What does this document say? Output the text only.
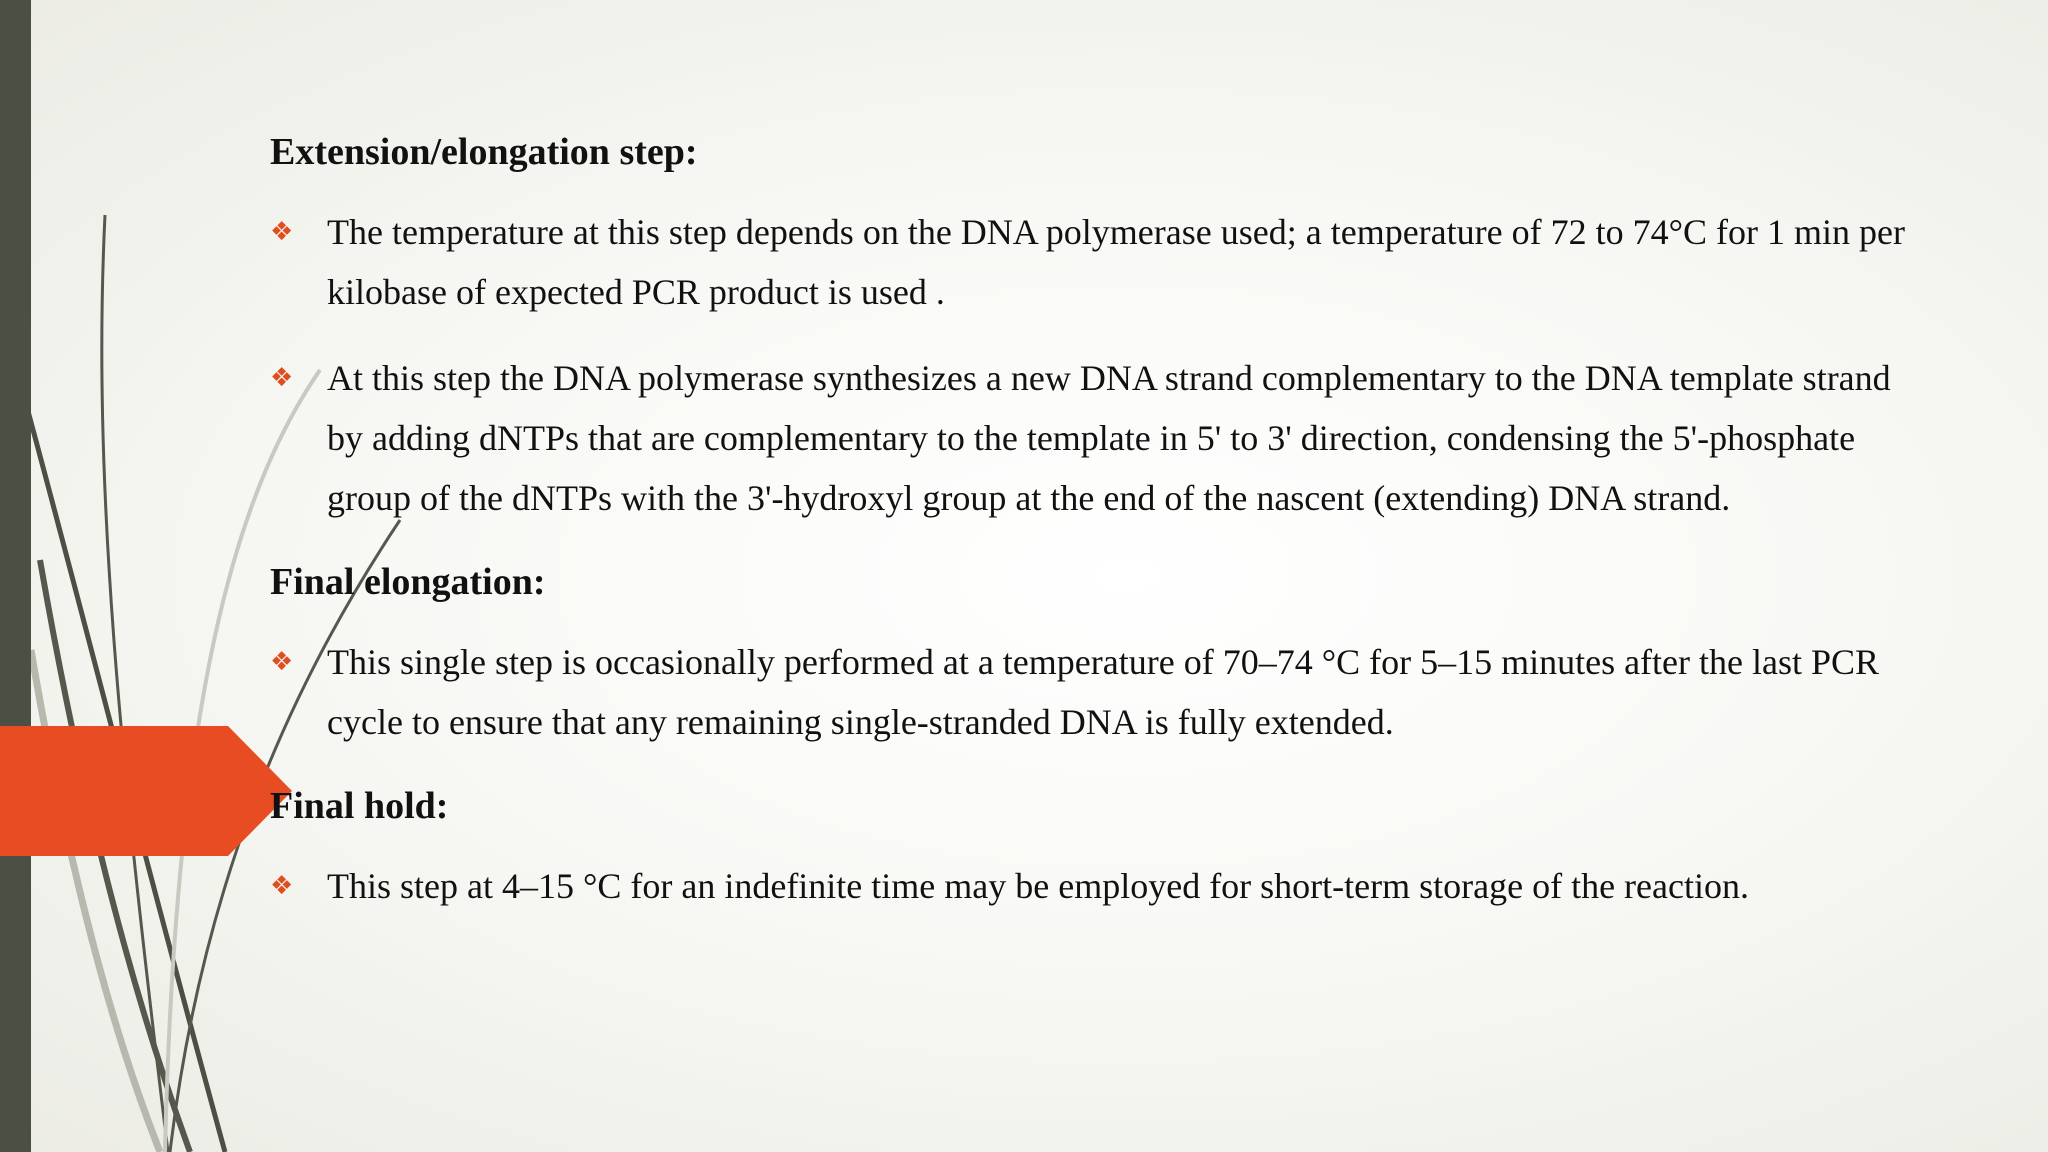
Extension/elongation step:
❖ The temperature at this step depends on the DNA polymerase used; a temperature of 72 to 74°C for 1 min per kilobase of expected PCR product is used .
❖ At this step the DNA polymerase synthesizes a new DNA strand complementary to the DNA template strand by adding dNTPs that are complementary to the template in 5' to 3' direction, condensing the 5'-phosphate group of the dNTPs with the 3'-hydroxyl group at the end of the nascent (extending) DNA strand.
Final elongation:
❖ This single step is occasionally performed at a temperature of 70–74 °C for 5–15 minutes after the last PCR cycle to ensure that any remaining single-stranded DNA is fully extended.
Final hold:
❖ This step at 4–15 °C for an indefinite time may be employed for short-term storage of the reaction.
